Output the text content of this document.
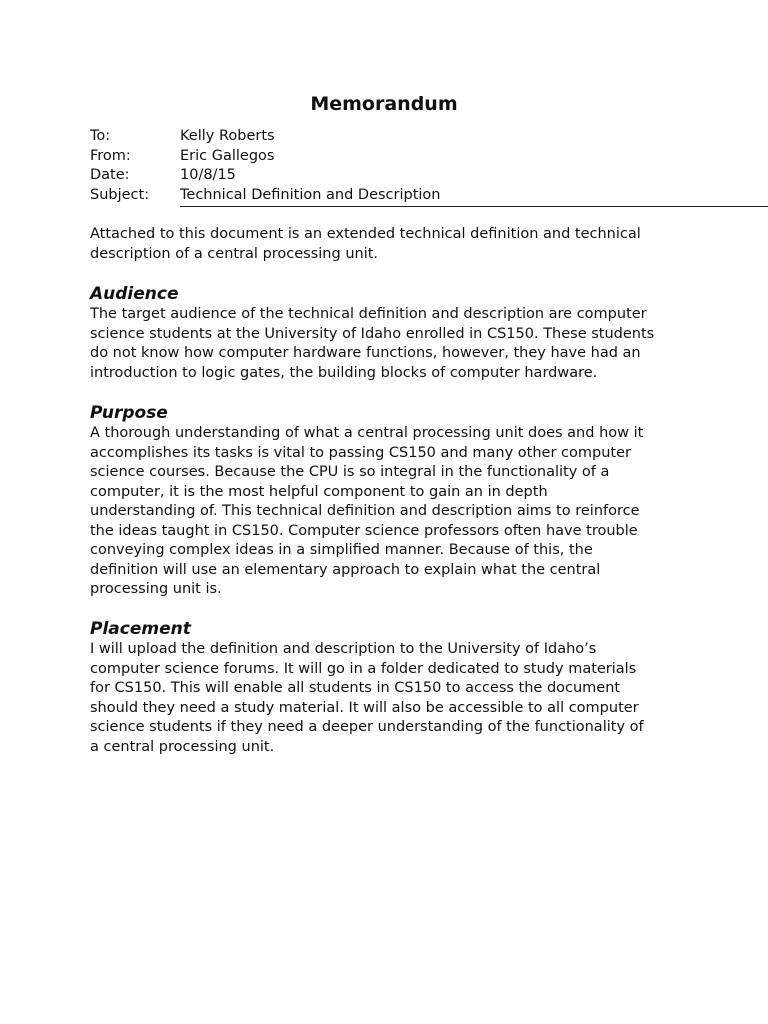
Memorandum
To:	Kelly Roberts
From:	Eric Gallegos
Date:	10/8/15
Subject:	Technical Definition and Description

Attached to this document is an extended technical definition and technical
description of a central processing unit.

Audience

The target audience of the technical definition and description are computer
science students at the University of Idaho enrolled in CS150. These students
do not know how computer hardware functions, however, they have had an
introduction to logic gates, the building blocks of computer hardware.

Purpose

A thorough understanding of what a central processing unit does and how it
accomplishes its tasks is vital to passing CS150 and many other computer
science courses. Because the CPU is so integral in the functionality of a
computer, it is the most helpful component to gain an in depth
understanding of. This technical definition and description aims to reinforce
the ideas taught in CS150. Computer science professors often have trouble
conveying complex ideas in a simplified manner. Because of this, the
definition will use an elementary approach to explain what the central
processing unit is.

Placement

I will upload the definition and description to the University of Idaho’s
computer science forums. It will go in a folder dedicated to study materials
for CS150. This will enable all students in CS150 to access the document
should they need a study material. It will also be accessible to all computer
science students if they need a deeper understanding of the functionality of
a central processing unit.
